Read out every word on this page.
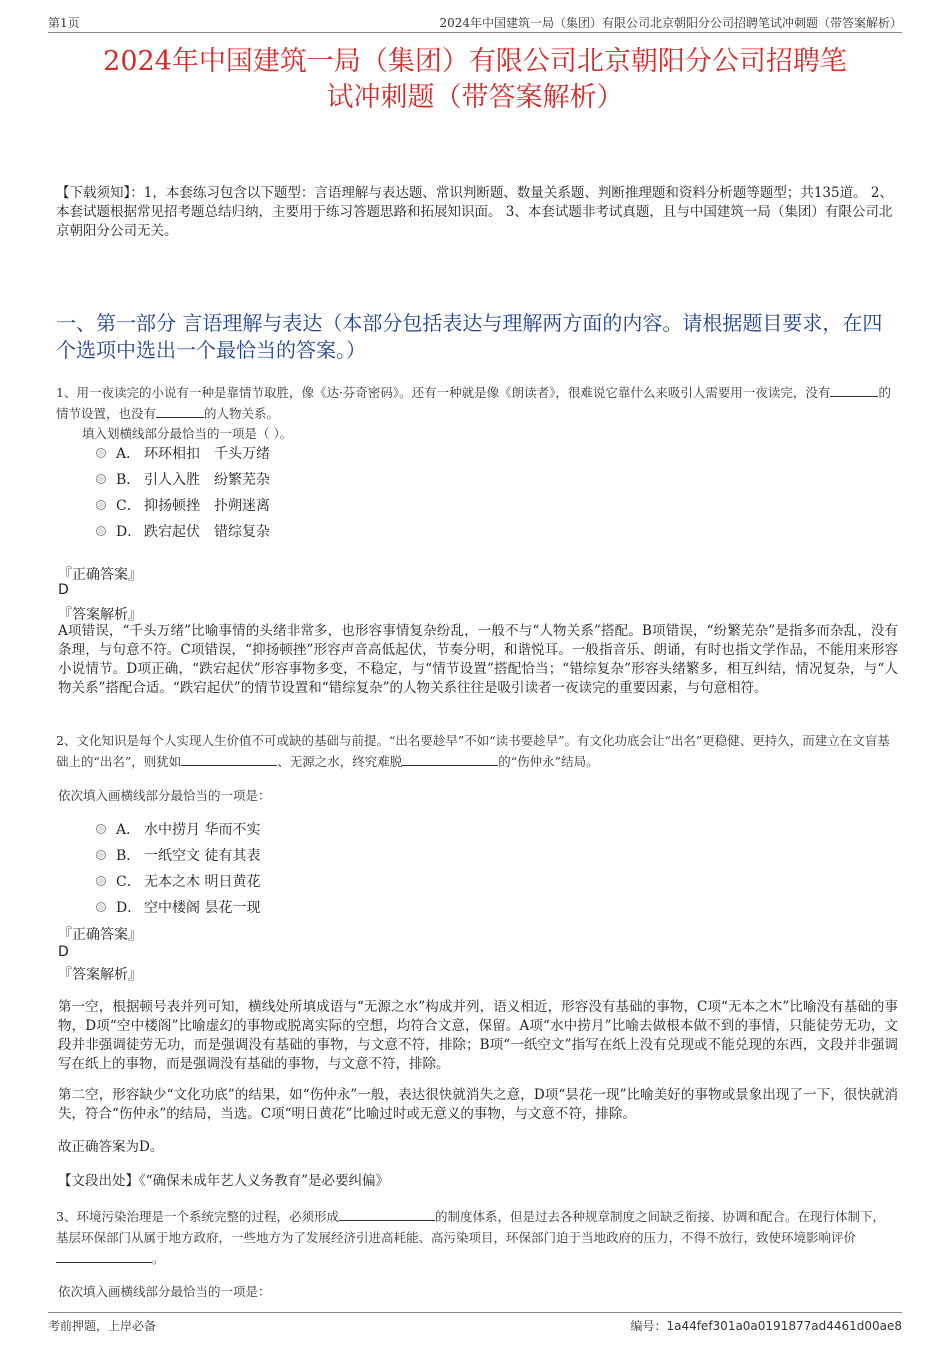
第1页	2024年中国建筑一局（集团）有限公司北京朝阳分公司招聘笔试冲刺题（带答案解析）
2024年中国建筑一局（集团）有限公司北京朝阳分公司招聘笔
试冲刺题（带答案解析）
【下载须知】：1，本套练习包含以下题型：言语理解与表达题、常识判断题、数量关系题、判断推理题和资料分析题等题型；共135道。 2、本套试题根据常见招考题总结归纳，主要用于练习答题思路和拓展知识面。 3、本套试题非考试真题，且与中国建筑一局（集团）有限公司北京朝阳分公司无关。
一、第一部分 言语理解与表达（本部分包括表达与理解两方面的内容。请根据题目要求，在四个选项中选出一个最恰当的答案。）
1、用一夜读完的小说有一种是靠情节取胜，像《达·芬奇密码》。还有一种就是像《朗读者》，很难说它靠什么来吸引人需要用一夜读完，没有	的情节设置，也没有	的人物关系。
填入划横线部分最恰当的一项是（ ）。
A． 环环相扣　千头万绪
B． 引人入胜　纷繁芜杂
C． 抑扬顿挫　扑朔迷离
D． 跌宕起伏　错综复杂
『正确答案』
D
『答案解析』
A项错误，“千头万绪”比喻事情的头绪非常多，也形容事情复杂纷乱，一般不与“人物关系”搭配。B项错误，“纷繁芜杂”是指多而杂乱，没有条理，与句意不符。C项错误，“抑扬顿挫”形容声音高低起伏，节奏分明，和谐悦耳。一般指音乐、朗诵，有时也指文学作品，不能用来形容小说情节。D项正确，“跌宕起伏”形容事物多变，不稳定，与“情节设置”搭配恰当；“错综复杂”形容头绪繁多，相互纠结，情况复杂，与“人物关系”搭配合适。“跌宕起伏”的情节设置和“错综复杂”的人物关系往往是吸引读者一夜读完的重要因素，与句意相符。
2、文化知识是每个人实现人生价值不可或缺的基础与前提。“出名要趁早”不如“读书要趁早”。有文化功底会让“出名”更稳健、更持久，而建立在文盲基础上的“出名”，则犹如	、无源之水，终究难脱	的“伤仲永”结局。
依次填入画横线部分最恰当的一项是：
A． 水中捞月 华而不实
B． 一纸空文 徒有其表
C． 无本之木 明日黄花
D． 空中楼阁 昙花一现
『正确答案』
D
『答案解析』
第一空，根据顿号表并列可知，横线处所填成语与“无源之水”构成并列，语义相近，形容没有基础的事物，C项“无本之木”比喻没有基础的事物，D项“空中楼阁”比喻虚幻的事物或脱离实际的空想，均符合文意，保留。A项“水中捞月”比喻去做根本做不到的事情，只能徒劳无功，文段并非强调徒劳无功，而是强调没有基础的事物，与文意不符，排除；B项“一纸空文”指写在纸上没有兑现或不能兑现的东西，文段并非强调写在纸上的事物，而是强调没有基础的事物，与文意不符，排除。
第二空，形容缺少“文化功底”的结果，如“伤仲永”一般，表达很快就消失之意，D项“昙花一现”比喻美好的事物或景象出现了一下，很快就消失，符合“伤仲永”的结局，当选。C项“明日黄花”比喻过时或无意义的事物，与文意不符，排除。
故正确答案为D。
【文段出处】《“确保未成年艺人义务教育”是必要纠偏》
3、环境污染治理是一个系统完整的过程，必须形成	的制度体系，但是过去各种规章制度之间缺乏衔接、协调和配合。在现行体制下，基层环保部门从属于地方政府，一些地方为了发展经济引进高耗能、高污染项目，环保部门迫于当地政府的压力，不得不放行，致使环境影响评价。
依次填入画横线部分最恰当的一项是：
考前押题，上岸必备	编号：1a44fef301a0a0191877ad4461d00ae8
